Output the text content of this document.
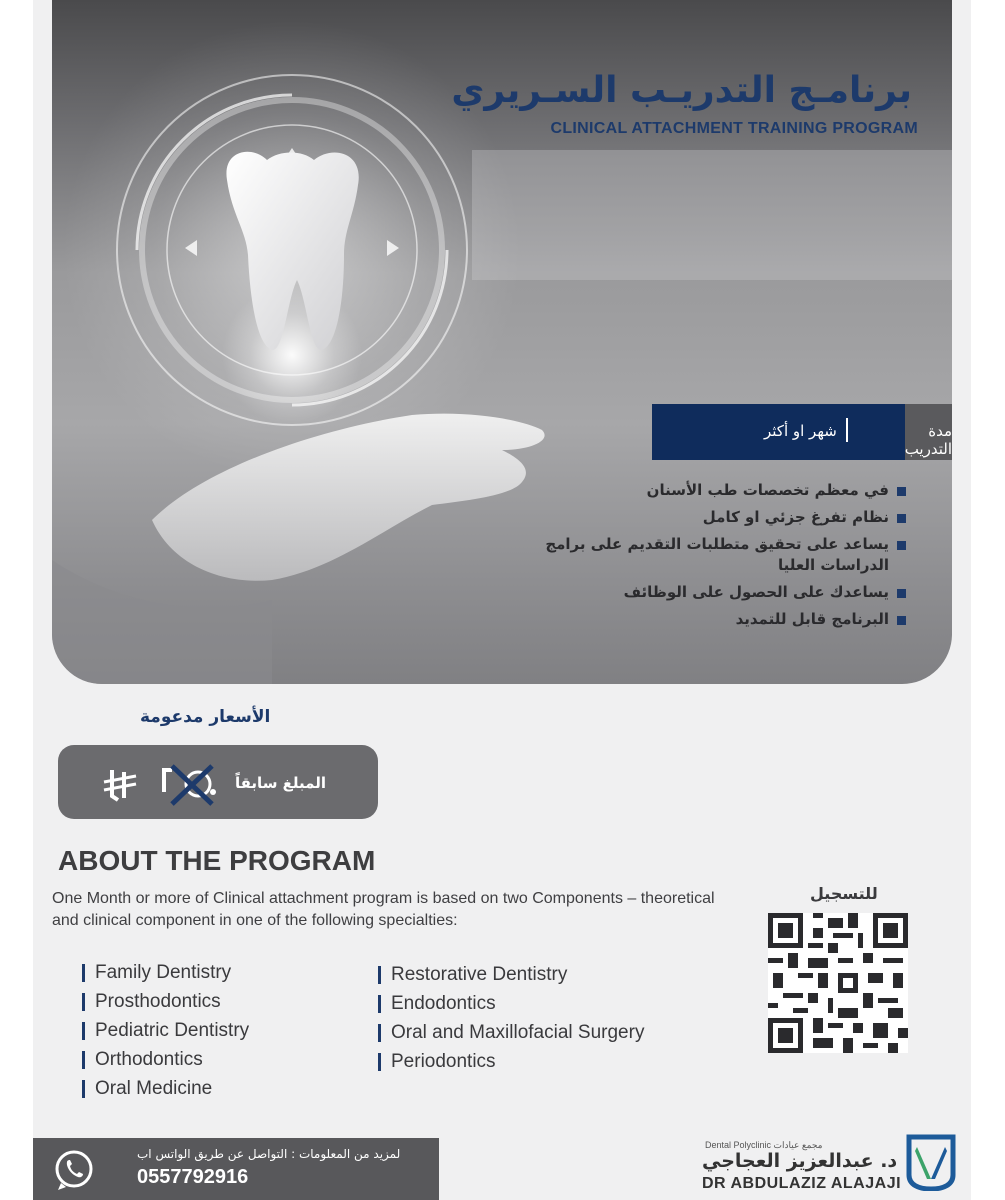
برنامـج التدريـب السـريري
CLINICAL ATTACHMENT TRAINING PROGRAM
مدة التدريب
شهر او أكثر
في معظم تخصصات طب الأسنان
نظام تفرغ جزئي او كامل
يساعد على تحقيق متطلبات التقديم على برامج الدراسات العليا
يساعدك على الحصول على الوظائف
البرنامج قابل للتمديد
الأسعار مدعومة
المبلغ سابقاً
ABOUT THE PROGRAM
One Month or more of Clinical attachment program is based on two Components – theoretical and clinical component in one of the following specialties:
Family Dentistry
Prosthodontics
Pediatric Dentistry
Orthodontics
Oral Medicine
Restorative Dentistry
Endodontics
Oral and Maxillofacial Surgery
Periodontics
للتسجيل
لمزيد من المعلومات : التواصل عن طريق الواتس اب
0557792916
Dental Polyclinic مجمع عيادات
د. عبدالعزيز العجاجي
DR ABDULAZIZ ALAJAJI
